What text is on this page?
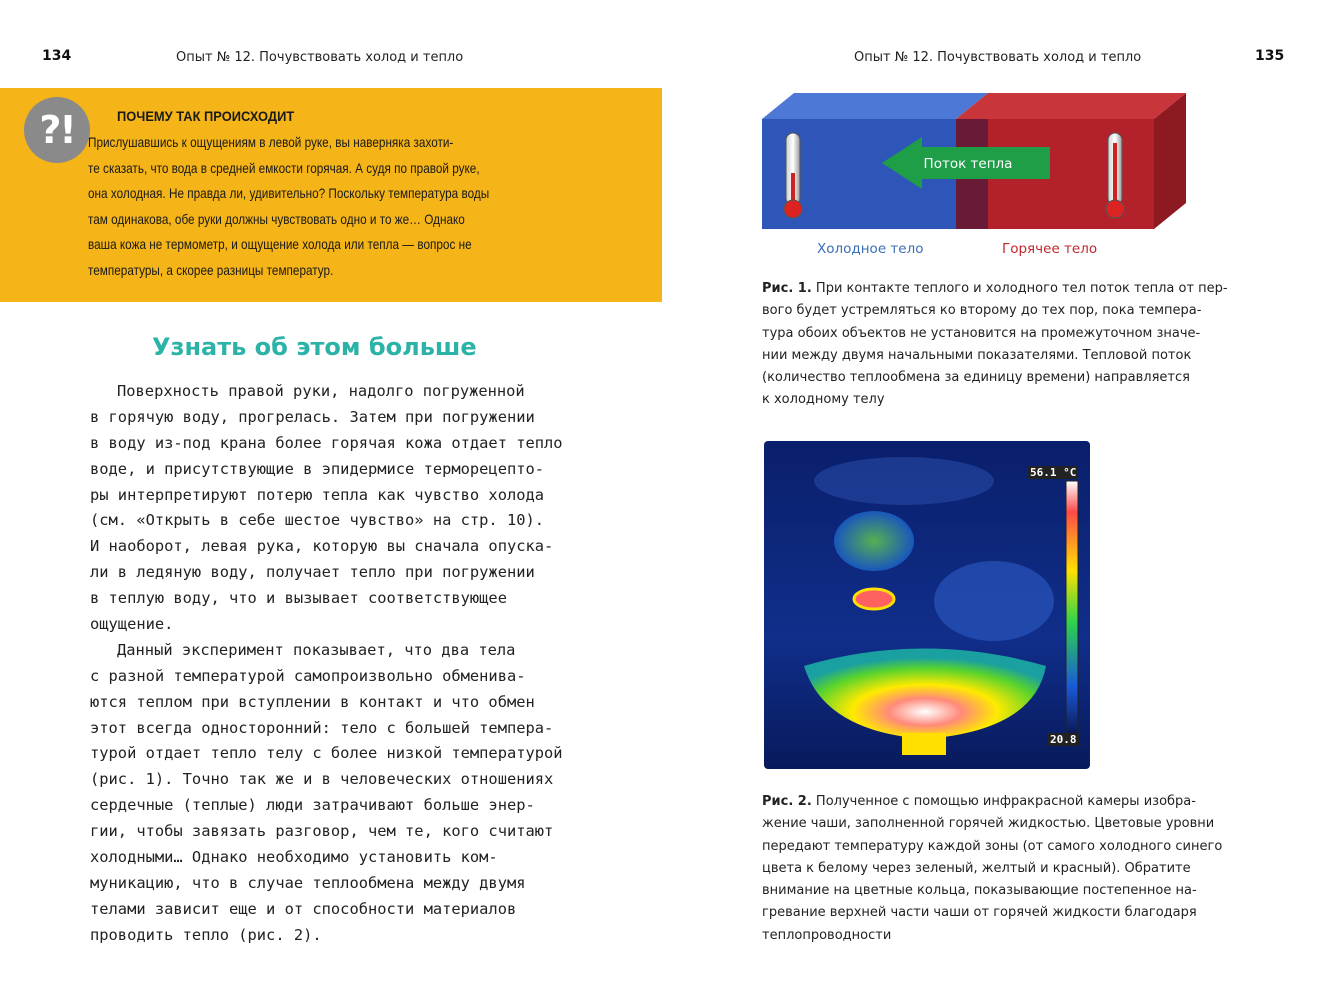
134	Опыт № 12. Почувствовать холод и тепло
?!	ПОЧЕМУ ТАК ПРОИСХОДИТ
Прислушавшись к ощущениям в левой руке, вы наверняка захоти-
те сказать, что вода в средней емкости горячая. А судя по правой руке,
она холодная. Не правда ли, удивительно? Поскольку температура воды
там одинакова, обе руки должны чувствовать одно и то же… Однако
ваша кожа не термометр, и ощущение холода или тепла — вопрос не
температуры, а скорее разницы температур.
Узнать об этом больше
Поверхность правой руки, надолго погруженной
в горячую воду, прогрелась. Затем при погружении
в воду из-под крана более горячая кожа отдает тепло
воде, и присутствующие в эпидермисе терморецепто-
ры интерпретируют потерю тепла как чувство холода
(см. «Открыть в себе шестое чувство» на стр. 10).
И наоборот, левая рука, которую вы сначала опуска-
ли в ледяную воду, получает тепло при погружении
в теплую воду, что и вызывает соответствующее
ощущение.
Данный эксперимент показывает, что два тела
с разной температурой самопроизвольно обменива-
ются теплом при вступлении в контакт и что обмен
этот всегда односторонний: тело с большей темпера-
турой отдает тепло телу с более низкой температурой
(рис. 1). Точно так же и в человеческих отношениях
сердечные (теплые) люди затрачивают больше энер-
гии, чтобы завязать разговор, чем те, кого считают
холодными… Однако необходимо установить ком-
муникацию, что в случае теплообмена между двумя
телами зависит еще и от способности материалов
проводить тепло (рис. 2).
Опыт № 12. Почувствовать холод и тепло	135
Поток тепла
Холодное тело	Горячее тело
Рис. 1. При контакте теплого и холодного тел поток тепла от пер-
вого будет устремляться ко второму до тех пор, пока темпера-
тура обоих объектов не установится на промежуточном значе-
нии между двумя начальными показателями. Тепловой поток
(количество теплообмена за единицу времени) направляется
к холодному телу
56.1 °C
20.8
Рис. 2. Полученное с помощью инфракрасной камеры изобра-
жение чаши, заполненной горячей жидкостью. Цветовые уровни
передают температуру каждой зоны (от самого холодного синего
цвета к белому через зеленый, желтый и красный). Обратите
внимание на цветные кольца, показывающие постепенное на-
гревание верхней части чаши от горячей жидкости благодаря
теплопроводности
